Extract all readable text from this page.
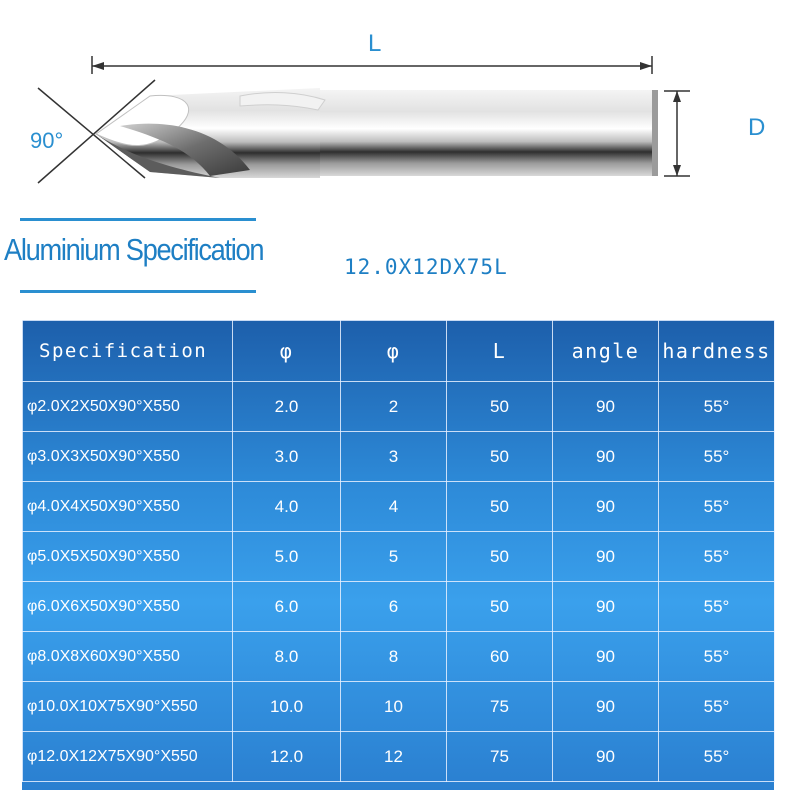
L
D
90°
Aluminium Specification	12.0X12DX75L
Specification	φ	φ	L	angle	hardness
φ2.0X2X50X90°X550	2.0	2	50	90	55°
φ3.0X3X50X90°X550	3.0	3	50	90	55°
φ4.0X4X50X90°X550	4.0	4	50	90	55°
φ5.0X5X50X90°X550	5.0	5	50	90	55°
φ6.0X6X50X90°X550	6.0	6	50	90	55°
φ8.0X8X60X90°X550	8.0	8	60	90	55°
φ10.0X10X75X90°X550	10.0	10	75	90	55°
φ12.0X12X75X90°X550	12.0	12	75	90	55°
